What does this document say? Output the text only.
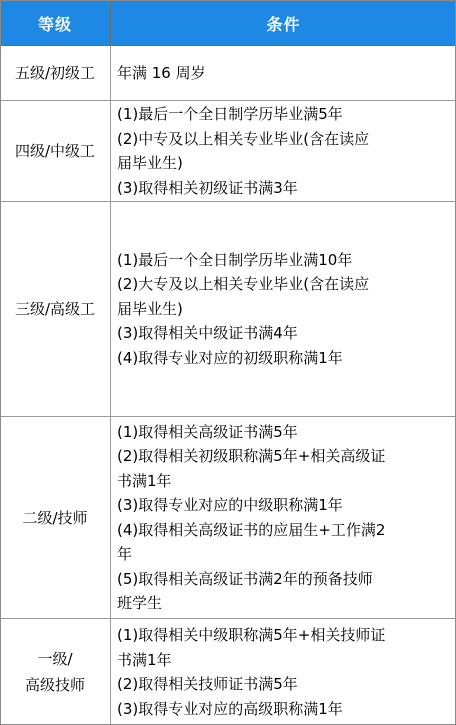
等级	条件
五级/初级工 年满 16 周岁
四级/中级工
(1)最后一个全日制学历毕业满5年
(2)中专及以上相关专业毕业(含在读应
届毕业生)
(3)取得相关初级证书满3年
三级/高级工
(1)最后一个全日制学历毕业满10年
(2)大专及以上相关专业毕业(含在读应
届毕业生)
(3)取得相关中级证书满4年
(4)取得专业对应的初级职称满1年
二级/技师
(1)取得相关高级证书满5年
(2)取得相关初级职称满5年+相关高级证
书满1年
(3)取得专业对应的中级职称满1年
(4)取得相关高级证书的应届生+工作满2
年
(5)取得相关高级证书满2年的预备技师
班学生
一级/
高级技师
(1)取得相关中级职称满5年+相关技师证
书满1年
(2)取得相关技师证书满5年
(3)取得专业对应的高级职称满1年
